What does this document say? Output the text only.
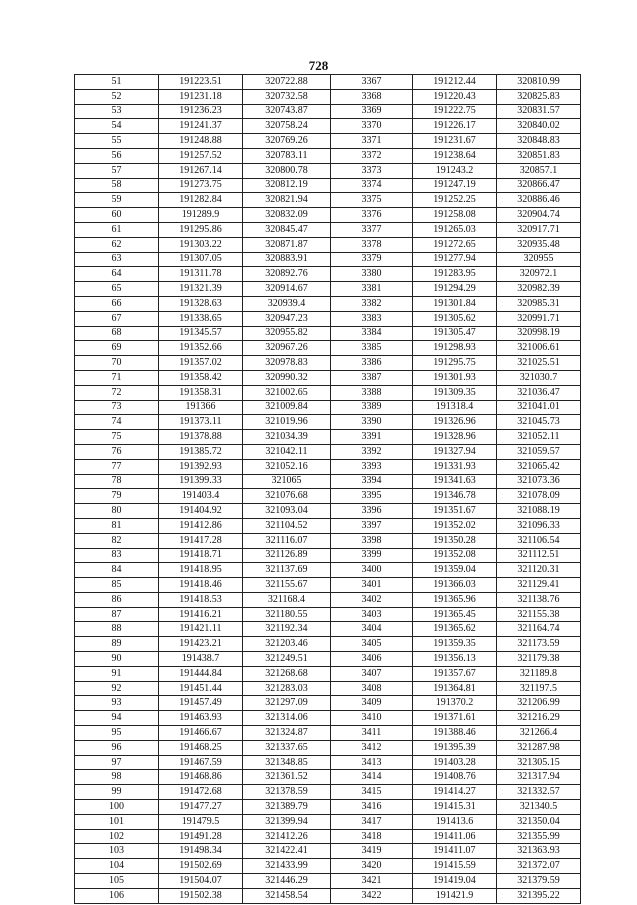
728
51	191223.51	320722.88	3367	191212.44	320810.99
52	191231.18	320732.58	3368	191220.43	320825.83
53	191236.23	320743.87	3369	191222.75	320831.57
54	191241.37	320758.24	3370	191226.17	320840.02
55	191248.88	320769.26	3371	191231.67	320848.83
56	191257.52	320783.11	3372	191238.64	320851.83
57	191267.14	320800.78	3373	191243.2	320857.1
58	191273.75	320812.19	3374	191247.19	320866.47
59	191282.84	320821.94	3375	191252.25	320886.46
60	191289.9	320832.09	3376	191258.08	320904.74
61	191295.86	320845.47	3377	191265.03	320917.71
62	191303.22	320871.87	3378	191272.65	320935.48
63	191307.05	320883.91	3379	191277.94	320955
64	191311.78	320892.76	3380	191283.95	320972.1
65	191321.39	320914.67	3381	191294.29	320982.39
66	191328.63	320939.4	3382	191301.84	320985.31
67	191338.65	320947.23	3383	191305.62	320991.71
68	191345.57	320955.82	3384	191305.47	320998.19
69	191352.66	320967.26	3385	191298.93	321006.61
70	191357.02	320978.83	3386	191295.75	321025.51
71	191358.42	320990.32	3387	191301.93	321030.7
72	191358.31	321002.65	3388	191309.35	321036.47
73	191366	321009.84	3389	191318.4	321041.01
74	191373.11	321019.96	3390	191326.96	321045.73
75	191378.88	321034.39	3391	191328.96	321052.11
76	191385.72	321042.11	3392	191327.94	321059.57
77	191392.93	321052.16	3393	191331.93	321065.42
78	191399.33	321065	3394	191341.63	321073.36
79	191403.4	321076.68	3395	191346.78	321078.09
80	191404.92	321093.04	3396	191351.67	321088.19
81	191412.86	321104.52	3397	191352.02	321096.33
82	191417.28	321116.07	3398	191350.28	321106.54
83	191418.71	321126.89	3399	191352.08	321112.51
84	191418.95	321137.69	3400	191359.04	321120.31
85	191418.46	321155.67	3401	191366.03	321129.41
86	191418.53	321168.4	3402	191365.96	321138.76
87	191416.21	321180.55	3403	191365.45	321155.38
88	191421.11	321192.34	3404	191365.62	321164.74
89	191423.21	321203.46	3405	191359.35	321173.59
90	191438.7	321249.51	3406	191356.13	321179.38
91	191444.84	321268.68	3407	191357.67	321189.8
92	191451.44	321283.03	3408	191364.81	321197.5
93	191457.49	321297.09	3409	191370.2	321206.99
94	191463.93	321314.06	3410	191371.61	321216.29
95	191466.67	321324.87	3411	191388.46	321266.4
96	191468.25	321337.65	3412	191395.39	321287.98
97	191467.59	321348.85	3413	191403.28	321305.15
98	191468.86	321361.52	3414	191408.76	321317.94
99	191472.68	321378.59	3415	191414.27	321332.57
100	191477.27	321389.79	3416	191415.31	321340.5
101	191479.5	321399.94	3417	191413.6	321350.04
102	191491.28	321412.26	3418	191411.06	321355.99
103	191498.34	321422.41	3419	191411.07	321363.93
104	191502.69	321433.99	3420	191415.59	321372.07
105	191504.07	321446.29	3421	191419.04	321379.59
106	191502.38	321458.54	3422	191421.9	321395.22
